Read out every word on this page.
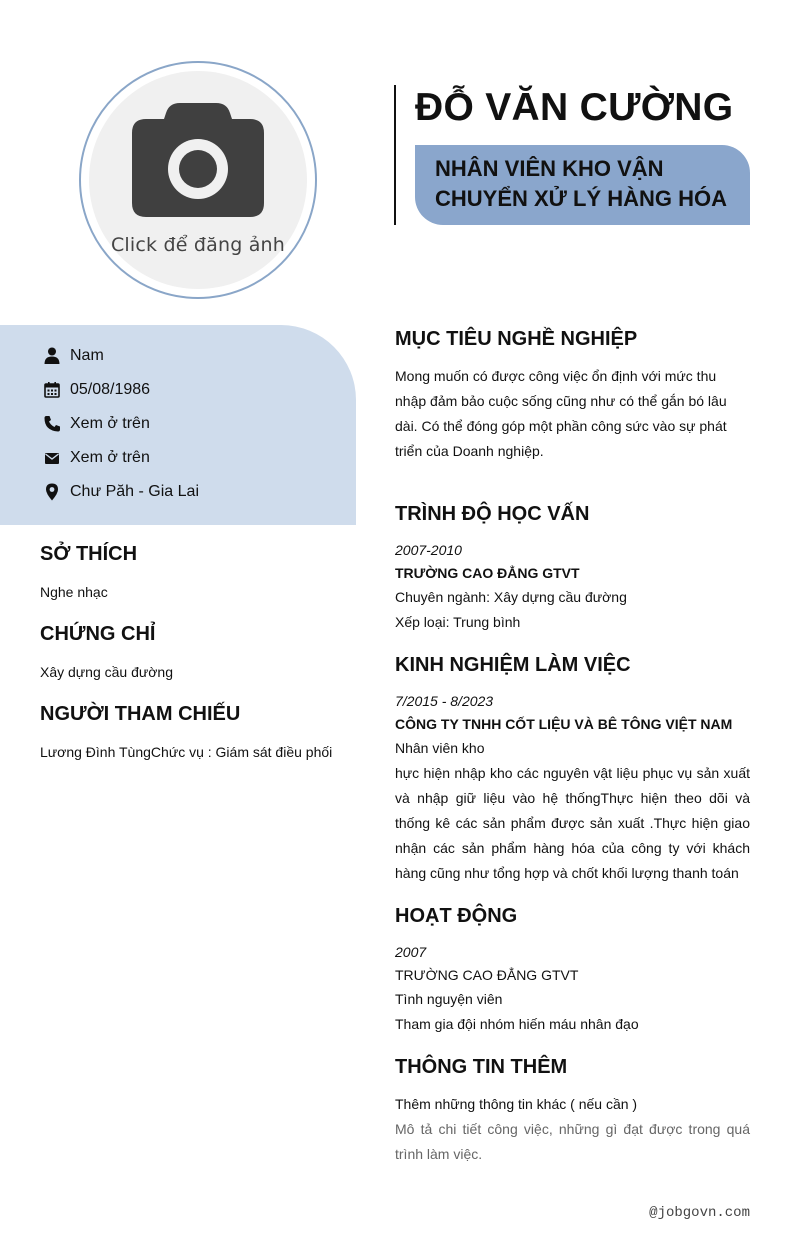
Click để đăng ảnh
ĐỖ VĂN CƯỜNG
NHÂN VIÊN KHO VẬN CHUYỂN XỬ LÝ HÀNG HÓA
Nam
05/08/1986
Xem ở trên
Xem ở trên
Chư Păh - Gia Lai
SỞ THÍCH
Nghe nhạc
CHỨNG CHỈ
Xây dựng cầu đường
NGƯỜI THAM CHIẾU
Lương Đình TùngChức vụ : Giám sát điều phối
MỤC TIÊU NGHỀ NGHIỆP
Mong muốn có được công việc ổn định với mức thu nhập đảm bảo cuộc sống cũng như có thể gắn bó lâu dài. Có thể đóng góp một phần công sức vào sự phát triển của Doanh nghiệp.
TRÌNH ĐỘ HỌC VẤN
2007-2010
TRƯỜNG CAO ĐẲNG GTVT
Chuyên ngành: Xây dựng cầu đường
Xếp loại: Trung bình
KINH NGHIỆM LÀM VIỆC
7/2015 - 8/2023
CÔNG TY TNHH CỐT LIỆU VÀ BÊ TÔNG VIỆT NAM
Nhân viên kho
hực hiện nhập kho các nguyên vật liệu phục vụ sản xuất và nhập giữ liệu vào hệ thốngThực hiện theo dõi và thống kê các sản phẩm được sản xuất .Thực hiện giao nhận các sản phẩm hàng hóa của công ty với khách hàng cũng như tổng hợp và chốt khối lượng thanh toán
HOẠT ĐỘNG
2007
TRƯỜNG CAO ĐẲNG GTVT
Tình nguyện viên
Tham gia đội nhóm hiến máu nhân đạo
THÔNG TIN THÊM
Thêm những thông tin khác ( nếu cần )
Mô tả chi tiết công việc, những gì đạt được trong quá trình làm việc.
@jobgovn.com
